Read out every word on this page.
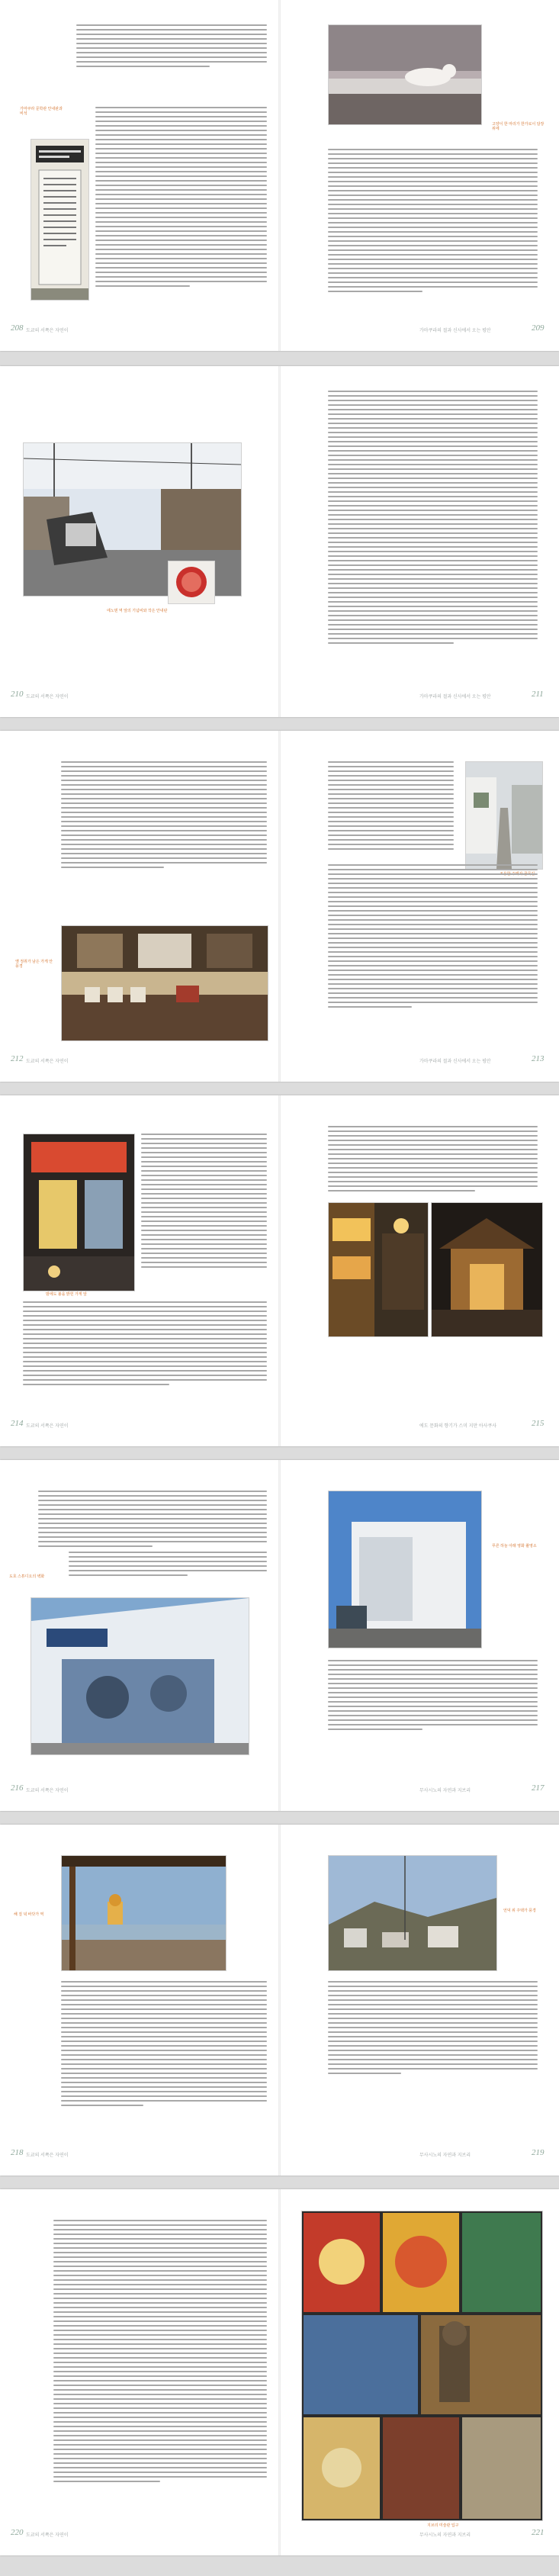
도쿄의 서쪽은 자연이
208	가마쿠라의 절과 신사에서 오는 평안	209
가마쿠라 문학관 안내판과 비석
고양이 한 마리가 한가로이 담장 위에
도쿄의 서쪽은 자연이
210	가마쿠라의 절과 신사에서 오는 평안	211
에노덴 역 앞의 기념비와 작은 안내판
도쿄의 서쪽은 자연이
212	가마쿠라의 절과 신사에서 오는 평안	213
옛 정취가 남은 가게 안 풍경
도쿄의 서쪽은 자연이
214	에도 문화의 향기가 스미 지만 아사쿠사	215
밤에도 불을 밝힌 가게 앞
도쿄의 서쪽은 자연이
216	무사시노의 자연과 지브리	217
도호 스튜디오의 벽화
푸른 하늘 아래 영화 촬영소
도쿄의 서쪽은 자연이
218	무사시노의 자연과 지브리	219
해 질 녘 바닷가 역
언덕 위 주택가 풍경
도쿄의 서쪽은 자연이
220	무사시노의 자연과 지브리	221
지브리 미술관 입구
